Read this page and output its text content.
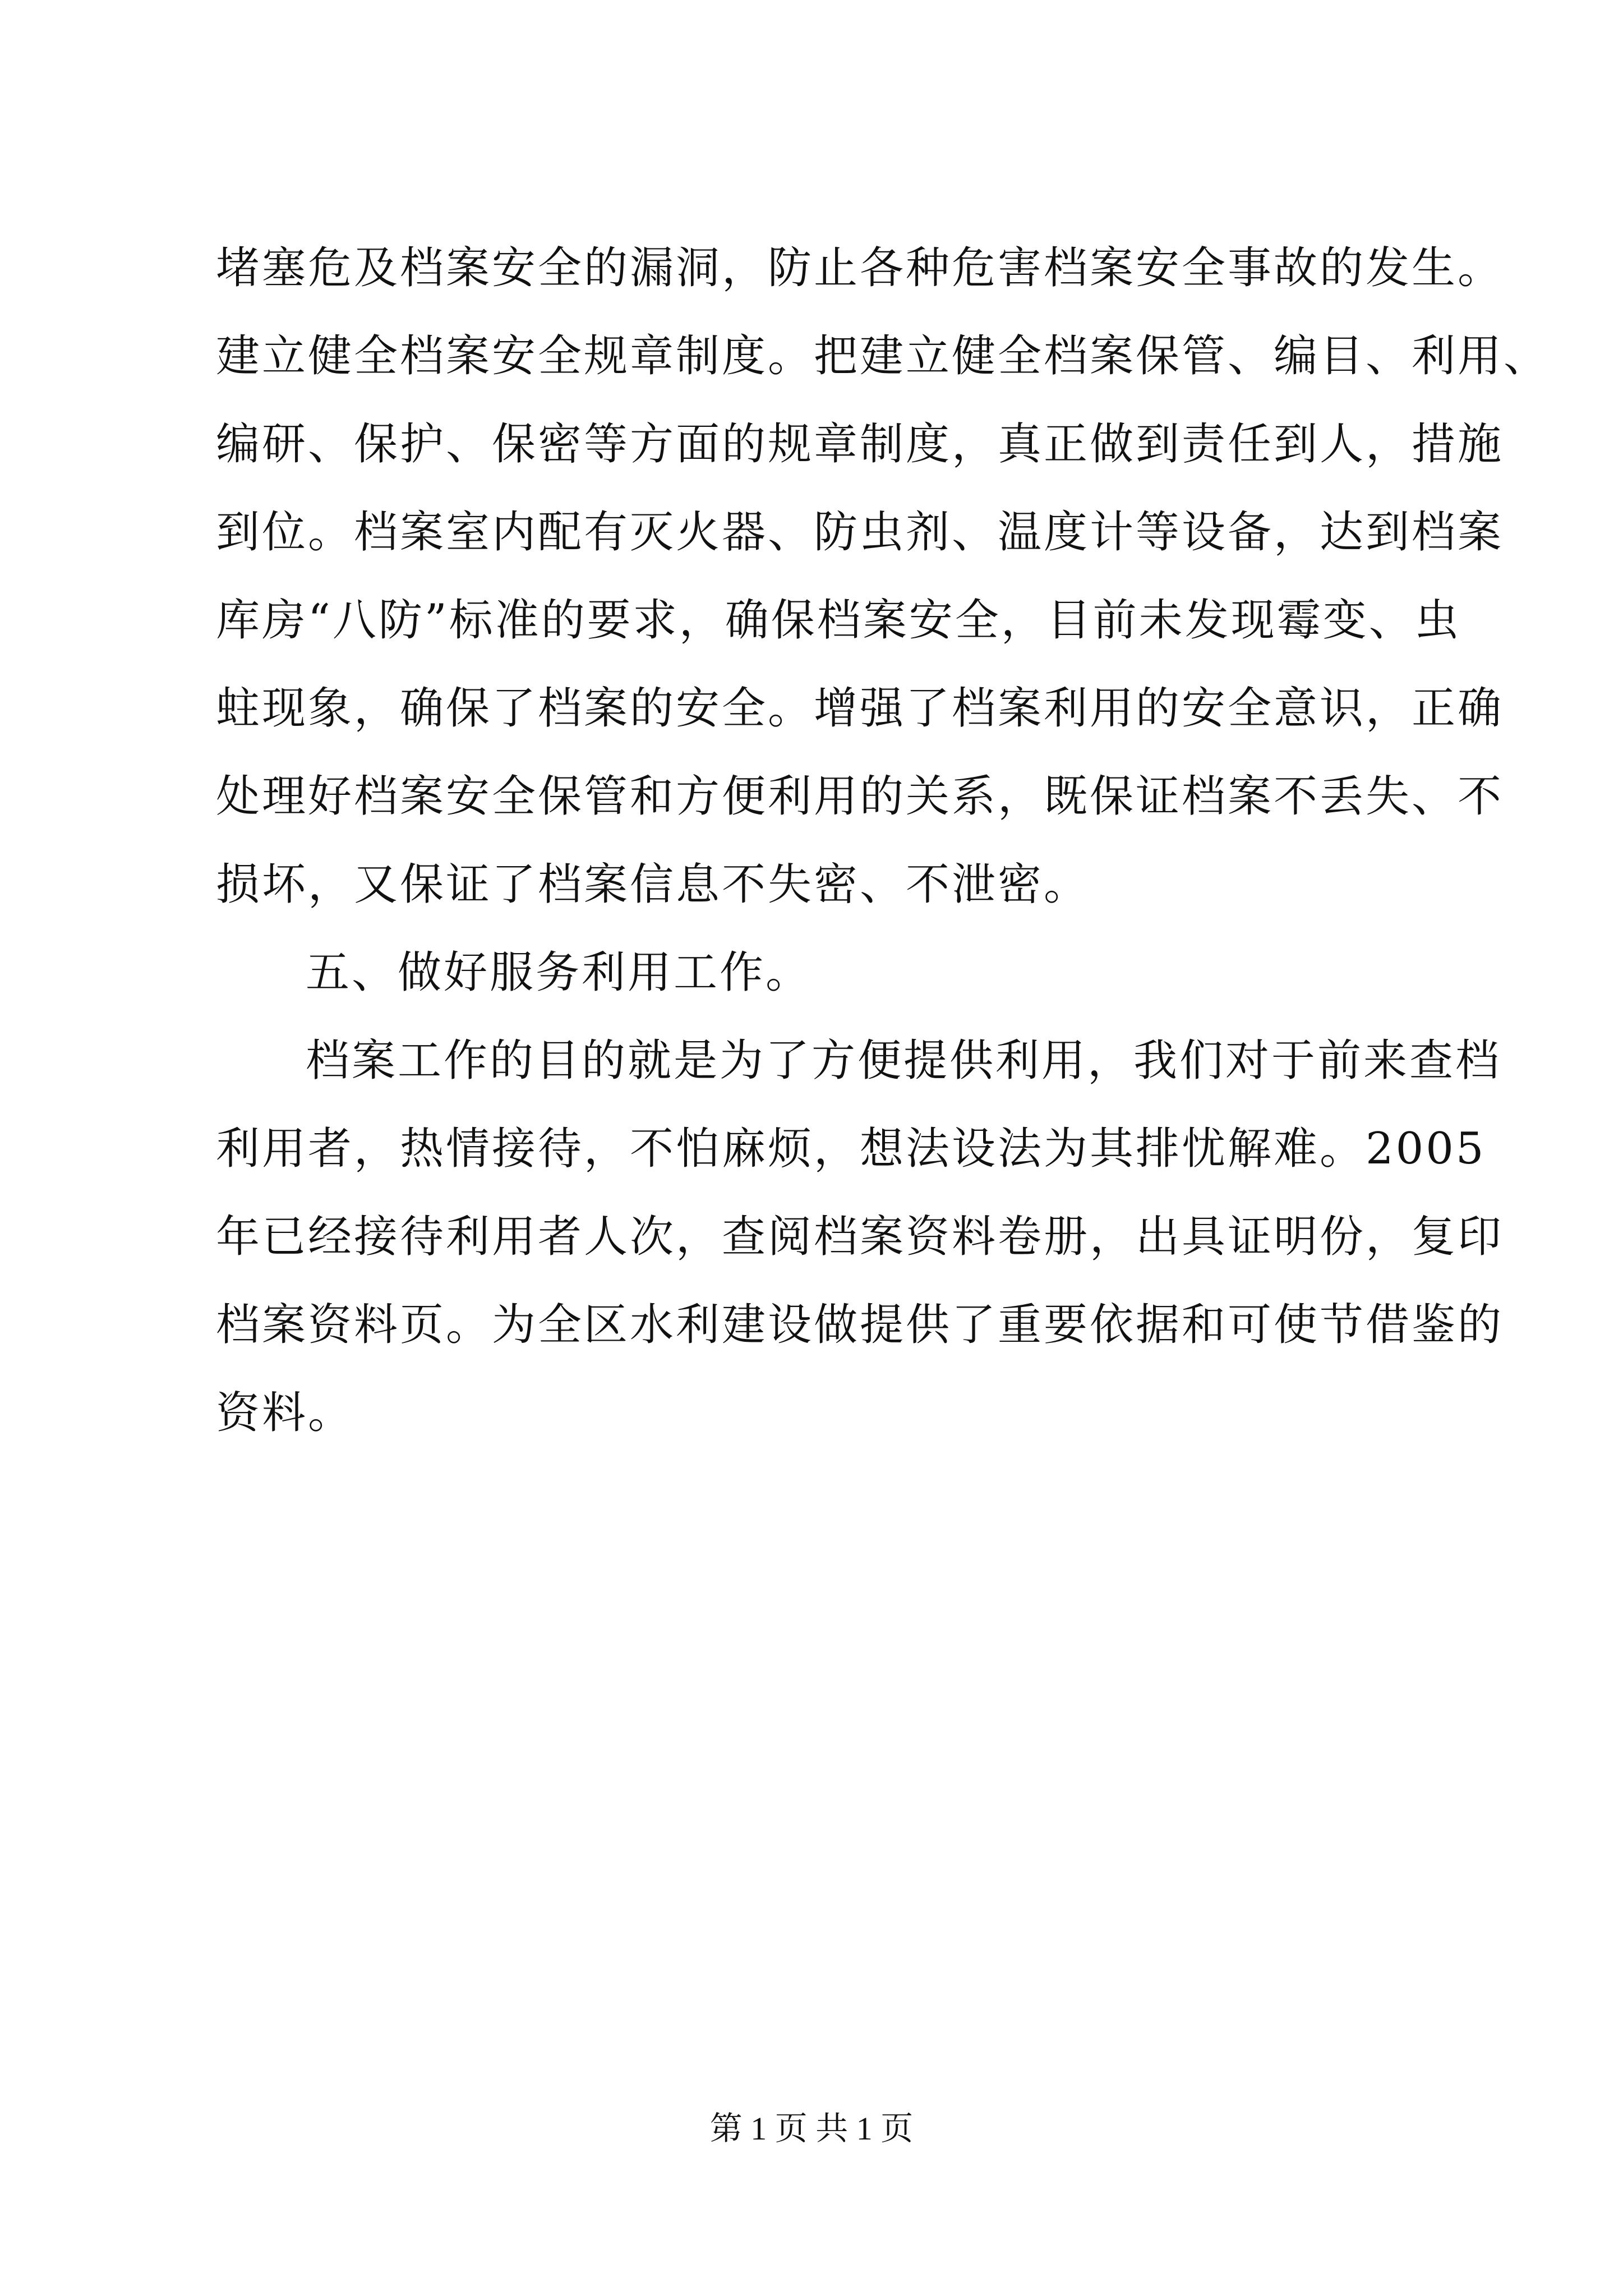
堵塞危及档案安全的漏洞，防止各种危害档案安全事故的发生。
建立健全档案安全规章制度。把建立健全档案保管、编目、利用、
编研、保护、保密等方面的规章制度，真正做到责任到人，措施
到位。档案室内配有灭火器、防虫剂、温度计等设备，达到档案
库房“八防”标准的要求，确保档案安全，目前未发现霉变、虫
蛀现象，确保了档案的安全。增强了档案利用的安全意识，正确
处理好档案安全保管和方便利用的关系，既保证档案不丢失、不
损坏，又保证了档案信息不失密、不泄密。
五、做好服务利用工作。
档案工作的目的就是为了方便提供利用，我们对于前来查档
利用者，热情接待，不怕麻烦，想法设法为其排忧解难。2005
年已经接待利用者人次，查阅档案资料卷册，出具证明份，复印
档案资料页。为全区水利建设做提供了重要依据和可使节借鉴的
资料。
第 1 页 共 1 页
